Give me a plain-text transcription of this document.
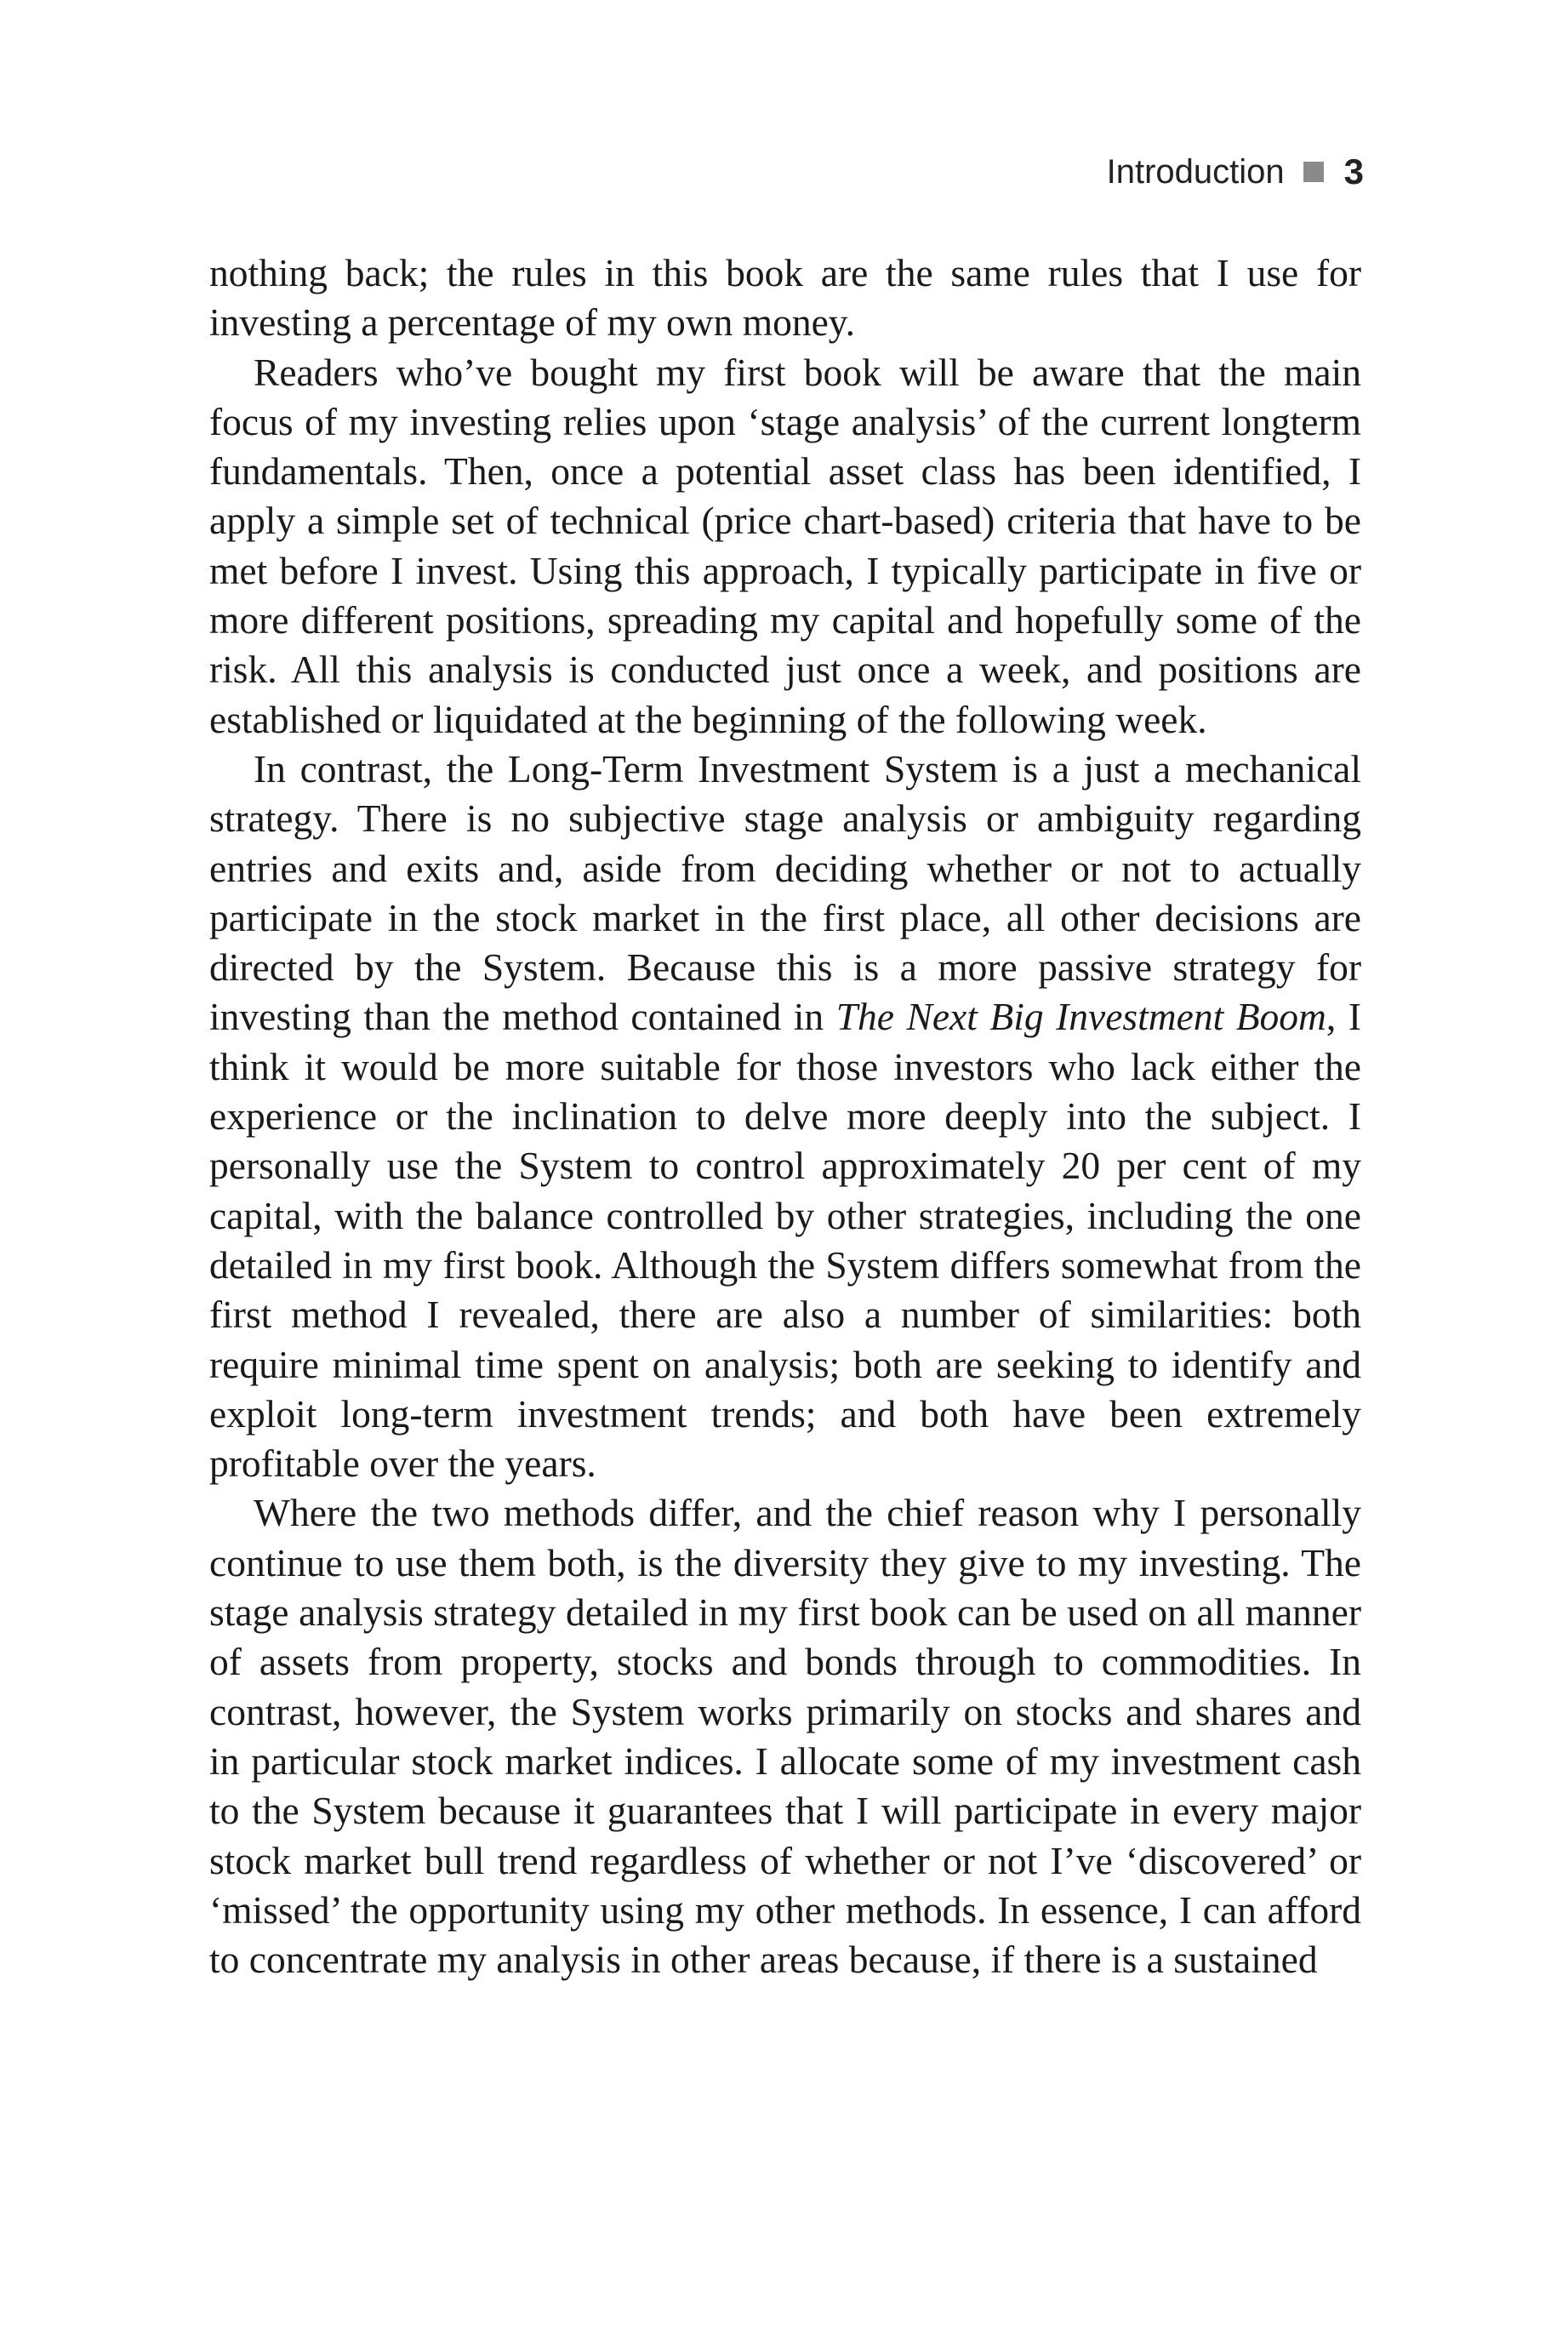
Introduction 3

nothing back; the rules in this book are the same rules that I use for investing a percentage of my own money.

Readers who’ve bought my first book will be aware that the main focus of my investing relies upon ‘stage analysis’ of the current longterm fundamentals. Then, once a potential asset class has been identified, I apply a simple set of technical (price chart-based) criteria that have to be met before I invest. Using this approach, I typically participate in five or more different positions, spreading my capital and hopefully some of the risk. All this analysis is conducted just once a week, and positions are established or liquidated at the beginning of the following week.

In contrast, the Long-Term Investment System is a just a mechanical strategy. There is no subjective stage analysis or ambiguity regarding entries and exits and, aside from deciding whether or not to actually participate in the stock market in the first place, all other decisions are directed by the System. Because this is a more passive strategy for investing than the method contained in The Next Big Investment Boom, I think it would be more suitable for those investors who lack either the experience or the inclination to delve more deeply into the subject. I personally use the System to control approximately 20 per cent of my capital, with the balance controlled by other strategies, including the one detailed in my first book. Although the System differs somewhat from the first method I revealed, there are also a number of similarities: both require minimal time spent on analysis; both are seeking to identify and exploit long-term investment trends; and both have been extremely profitable over the years.

Where the two methods differ, and the chief reason why I personally continue to use them both, is the diversity they give to my investing. The stage analysis strategy detailed in my first book can be used on all manner of assets from property, stocks and bonds through to commodities. In contrast, however, the System works primarily on stocks and shares and in particular stock market indices. I allocate some of my investment cash to the System because it guarantees that I will participate in every major stock market bull trend regardless of whether or not I’ve ‘discovered’ or ‘missed’ the opportunity using my other methods. In essence, I can afford to concentrate my analysis in other areas because, if there is a sustained
